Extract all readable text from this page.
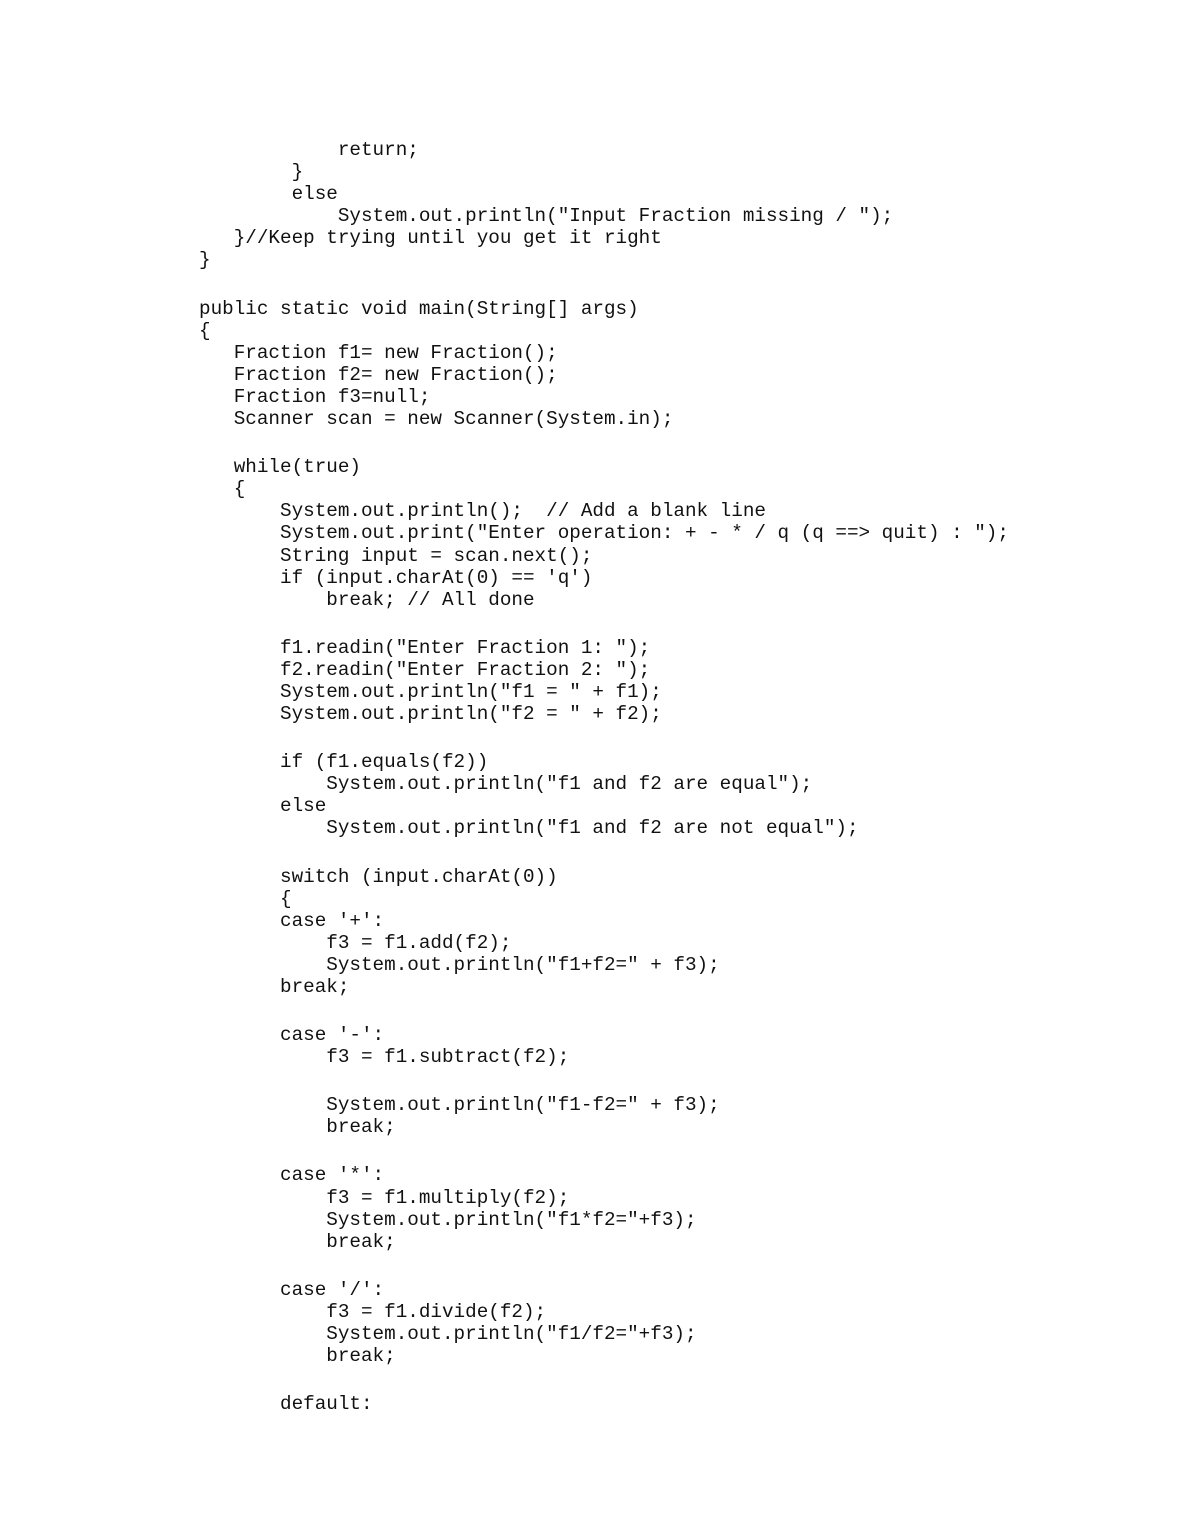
return;
}
else
System.out.println("Input Fraction missing / ");
}//Keep trying until you get it right
}
public static void main(String[] args)
{
Fraction f1= new Fraction();
Fraction f2= new Fraction();
Fraction f3=null;
Scanner scan = new Scanner(System.in);
while(true)
{
System.out.println();  // Add a blank line
System.out.print("Enter operation: + - * / q (q ==> quit) : ");
String input = scan.next();
if (input.charAt(0) == 'q')
break; // All done
f1.readin("Enter Fraction 1: ");
f2.readin("Enter Fraction 2: ");
System.out.println("f1 = " + f1);
System.out.println("f2 = " + f2);
if (f1.equals(f2))
System.out.println("f1 and f2 are equal");
else
System.out.println("f1 and f2 are not equal");
switch (input.charAt(0))
{
case '+':
f3 = f1.add(f2);
System.out.println("f1+f2=" + f3);
break;
case '-':
f3 = f1.subtract(f2);
System.out.println("f1-f2=" + f3);
break;
case '*':
f3 = f1.multiply(f2);
System.out.println("f1*f2="+f3);
break;
case '/':
f3 = f1.divide(f2);
System.out.println("f1/f2="+f3);
break;
default:
